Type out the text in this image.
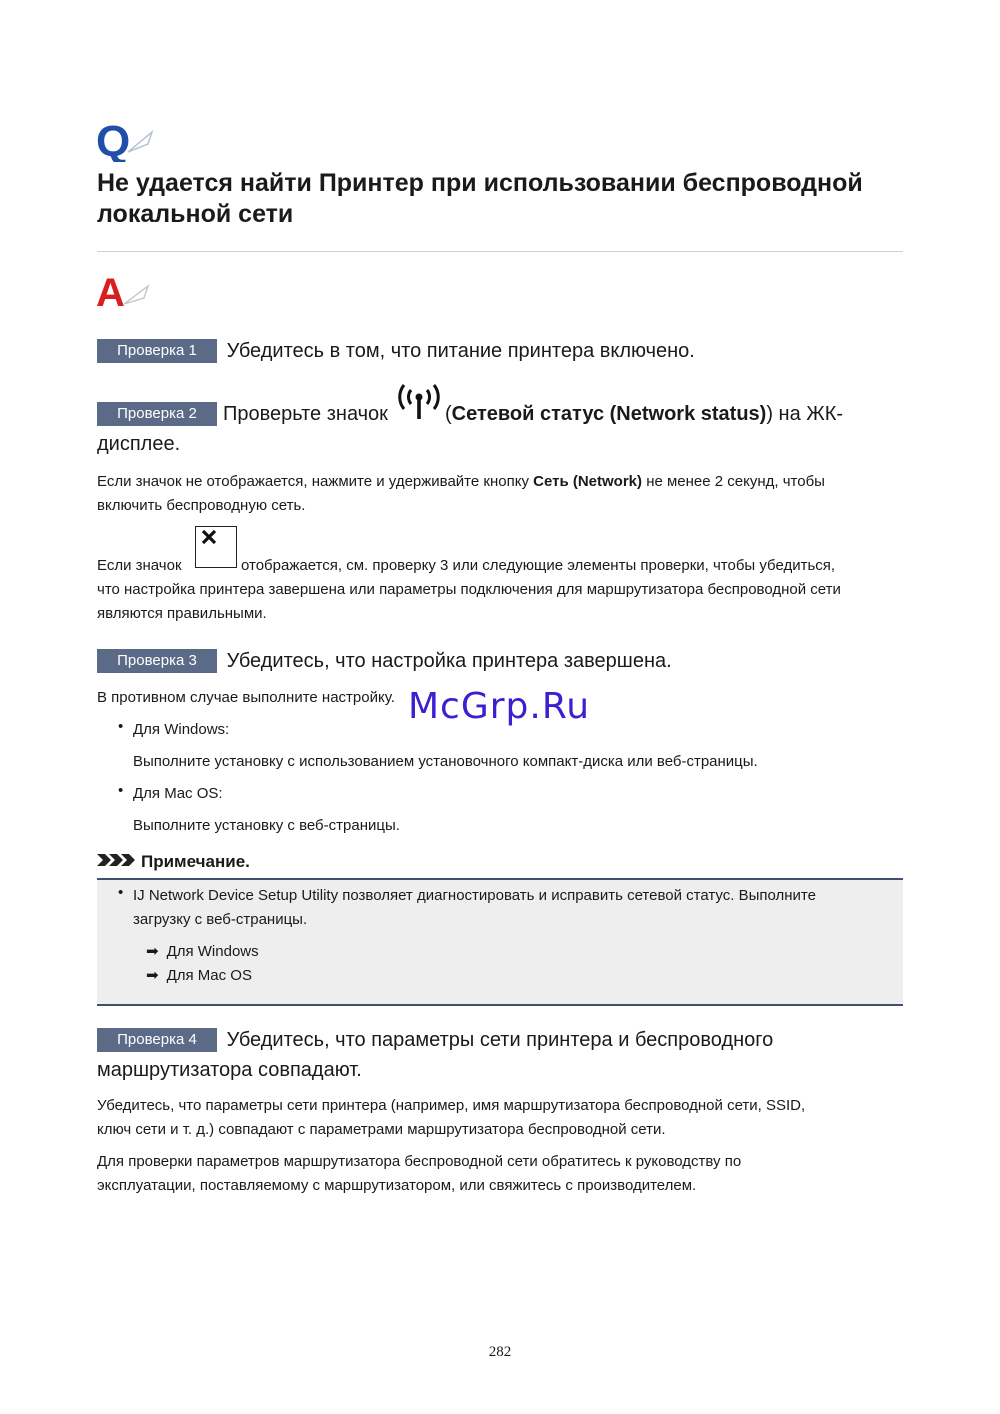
Q
Не удается найти Принтер при использовании беспроводной локальной сети
A

Проверка 1 Убедитесь в том, что питание принтера включено.

Проверка 2	Проверьте значок	(Сетевой статус (Network status)) на ЖК-
дисплее.

Если значок не отображается, нажмите и удерживайте кнопку Сеть (Network) не менее 2 секунд, чтобы
включить беспроводную сеть.

Если значок	отображается, см. проверку 3 или следующие элементы проверки, чтобы убедиться,
что настройка принтера завершена или параметры подключения для маршрутизатора беспроводной сети
являются правильными.

Проверка 3 Убедитесь, что настройка принтера завершена.

В противном случае выполните настройку.

• Для Windows:

Выполните установку с использованием установочного компакт-диска или веб-страницы.

• Для Mac OS:

Выполните установку с веб-страницы.

McGrp.Ru
Примечание.
• IJ Network Device Setup Utility позволяет диагностировать и исправить сетевой статус. Выполните
загрузку с веб-страницы.

➡ Для Windows

➡ Для Mac OS

Проверка 4 Убедитесь, что параметры сети принтера и беспроводного
маршрутизатора совпадают.

Убедитесь, что параметры сети принтера (например, имя маршрутизатора беспроводной сети, SSID,
ключ сети и т. д.) совпадают с параметрами маршрутизатора беспроводной сети.

Для проверки параметров маршрутизатора беспроводной сети обратитесь к руководству по
эксплуатации, поставляемому с маршрутизатором, или свяжитесь с производителем.

282
